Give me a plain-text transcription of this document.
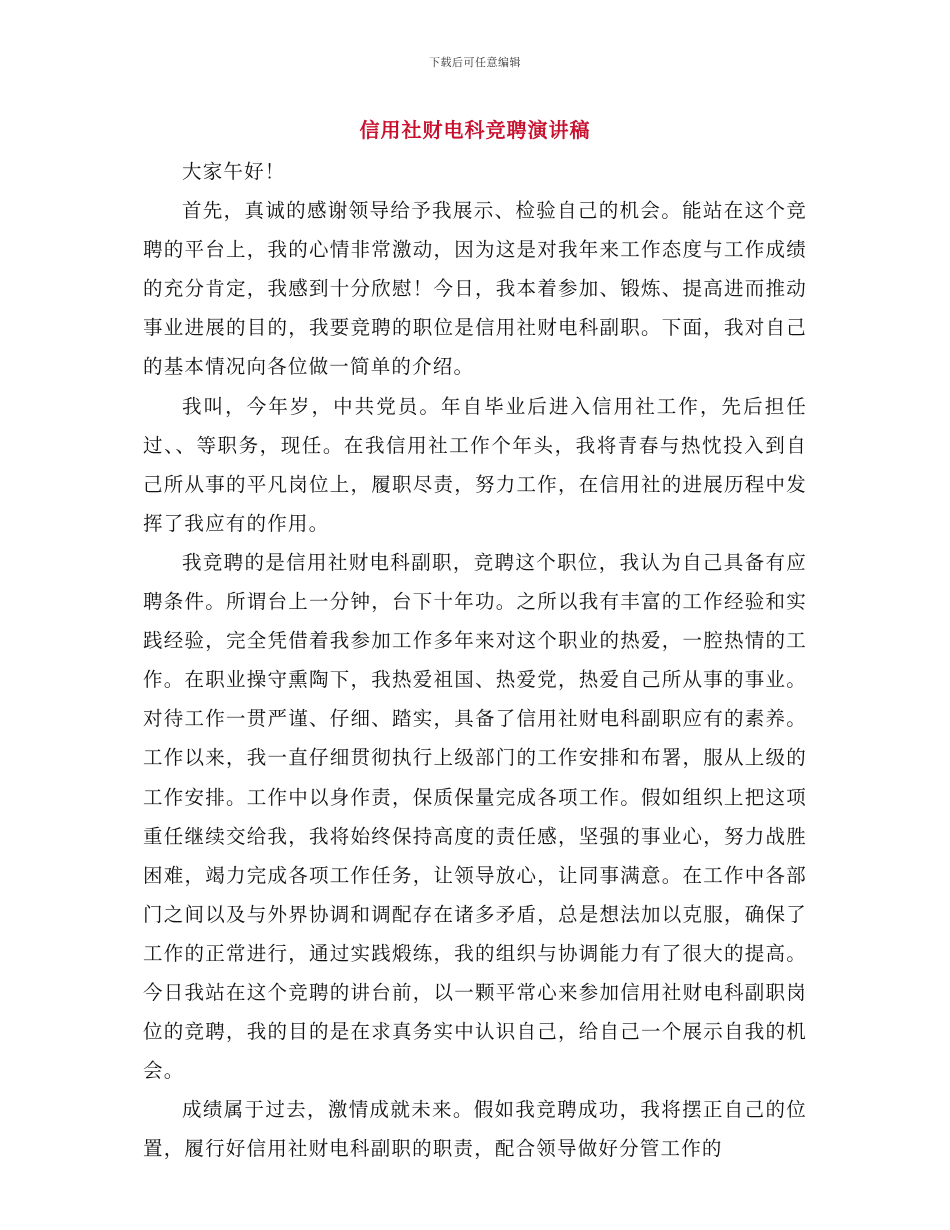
下载后可任意编辑
信用社财电科竞聘演讲稿

大家午好！

首先，真诚的感谢领导给予我展示、检验自己的机会。能站在这个竞聘的平台上，我的心情非常激动，因为这是对我年来工作态度与工作成绩的充分肯定，我感到十分欣慰！今日，我本着参加、锻炼、提高进而推动事业进展的目的，我要竞聘的职位是信用社财电科副职。下面，我对自己的基本情况向各位做一简单的介绍。

我叫，今年岁，中共党员。年自毕业后进入信用社工作，先后担任过、、等职务，现任。在我信用社工作个年头，我将青春与热忱投入到自己所从事的平凡岗位上，履职尽责，努力工作，在信用社的进展历程中发挥了我应有的作用。

我竞聘的是信用社财电科副职，竞聘这个职位，我认为自己具备有应聘条件。所谓台上一分钟，台下十年功。之所以我有丰富的工作经验和实践经验，完全凭借着我参加工作多年来对这个职业的热爱，一腔热情的工作。在职业操守熏陶下，我热爱祖国、热爱党，热爱自己所从事的事业。对待工作一贯严谨、仔细、踏实，具备了信用社财电科副职应有的素养。工作以来，我一直仔细贯彻执行上级部门的工作安排和布署，服从上级的工作安排。工作中以身作责，保质保量完成各项工作。假如组织上把这项重任继续交给我，我将始终保持高度的责任感，坚强的事业心，努力战胜困难，竭力完成各项工作任务，让领导放心，让同事满意。在工作中各部门之间以及与外界协调和调配存在诸多矛盾，总是想法加以克服，确保了工作的正常进行，通过实践煅练，我的组织与协调能力有了很大的提高。今日我站在这个竞聘的讲台前，以一颗平常心来参加信用社财电科副职岗位的竞聘，我的目的是在求真务实中认识自己，给自己一个展示自我的机会。

成绩属于过去，激情成就未来。假如我竞聘成功，我将摆正自己的位置，履行好信用社财电科副职的职责，配合领导做好分管工作的
